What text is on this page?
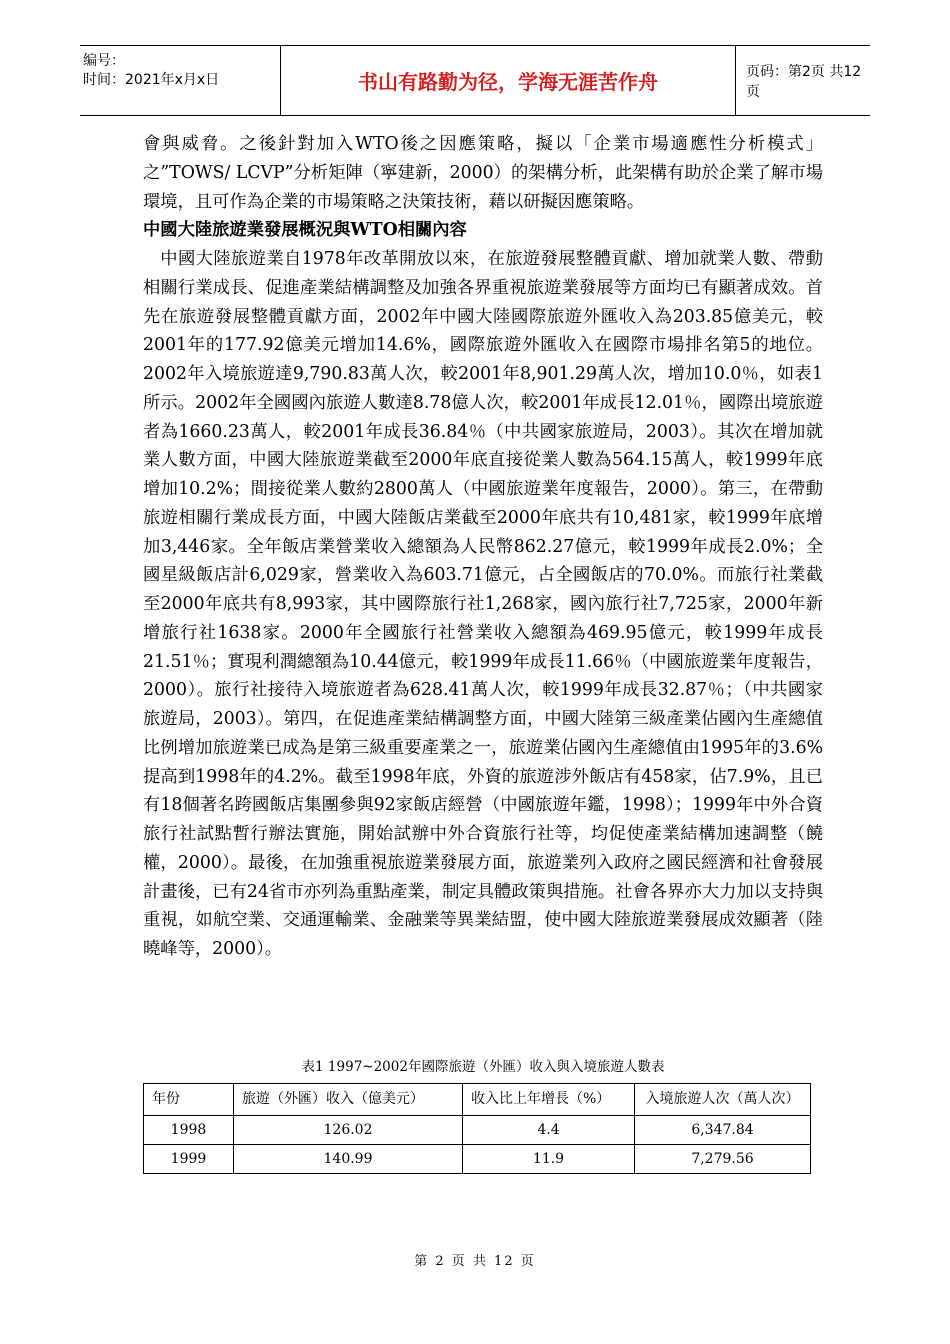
编号：
时间：2021年x月x日	书山有路勤为径，学海无涯苦作舟	页码：第2页 共12页

會與威脅。之後針對加入WTO後之因應策略，擬以「企業市場適應性分析模式」之”TOWS/ LCVP”分析矩陣（寧建新，2000）的架構分析，此架構有助於企業了解市場環境，且可作為企業的市場策略之決策技術，藉以研擬因應策略。

中國大陸旅遊業發展概況與WTO相關內容

中國大陸旅遊業自1978年改革開放以來，在旅遊發展整體貢獻、增加就業人數、帶動相關行業成長、促進產業結構調整及加強各界重視旅遊業發展等方面均已有顯著成效。首先在旅遊發展整體貢獻方面，2002年中國大陸國際旅遊外匯收入為203.85億美元，較2001年的177.92億美元增加14.6%，國際旅遊外匯收入在國際市場排名第5的地位。2002年入境旅遊達9,790.83萬人次，較2001年8,901.29萬人次，增加10.0％，如表1所示。2002年全國國內旅遊人數達8.78億人次，較2001年成長12.01％，國際出境旅遊者為1660.23萬人，較2001年成長36.84％（中共國家旅遊局，2003）。其次在增加就業人數方面，中國大陸旅遊業截至2000年底直接從業人數為564.15萬人，較1999年底增加10.2%；間接從業人數約2800萬人（中國旅遊業年度報告，2000）。第三，在帶動旅遊相關行業成長方面，中國大陸飯店業截至2000年底共有10,481家，較1999年底增加3,446家。全年飯店業營業收入總額為人民幣862.27億元，較1999年成長2.0%；全國星級飯店計6,029家，營業收入為603.71億元，占全國飯店的70.0%。而旅行社業截至2000年底共有8,993家，其中國際旅行社1,268家，國內旅行社7,725家，2000年新增旅行社1638家。2000年全國旅行社營業收入總額為469.95億元，較1999年成長21.51％；實現利潤總額為10.44億元，較1999年成長11.66％（中國旅遊業年度報告，2000）。旅行社接待入境旅遊者為628.41萬人次，較1999年成長32.87％；（中共國家旅遊局，2003）。第四，在促進產業結構調整方面，中國大陸第三級產業佔國內生產總值比例增加旅遊業已成為是第三級重要產業之一，旅遊業佔國內生產總值由1995年的3.6%提高到1998年的4.2%。截至1998年底，外資的旅遊涉外飯店有458家，佔7.9%，且已有18個著名跨國飯店集團參與92家飯店經營（中國旅遊年鑑，1998）；1999年中外合資旅行社試點暫行辦法實施，開始試辦中外合資旅行社等，均促使產業結構加速調整（饒權，2000）。最後，在加強重視旅遊業發展方面，旅遊業列入政府之國民經濟和社會發展計畫後，已有24省市亦列為重點產業，制定具體政策與措施。社會各界亦大力加以支持與重視，如航空業、交通運輸業、金融業等異業結盟，使中國大陸旅遊業發展成效顯著（陸曉峰等，2000）。

表1 1997~2002年國際旅遊（外匯）收入與入境旅遊人數表
年份	旅遊（外匯）收入（億美元）	收入比上年增長（%）	入境旅遊人次（萬人次）
1998	126.02	4.4	6,347.84
1999	140.99	11.9	7,279.56
第 2 页 共 12 页
